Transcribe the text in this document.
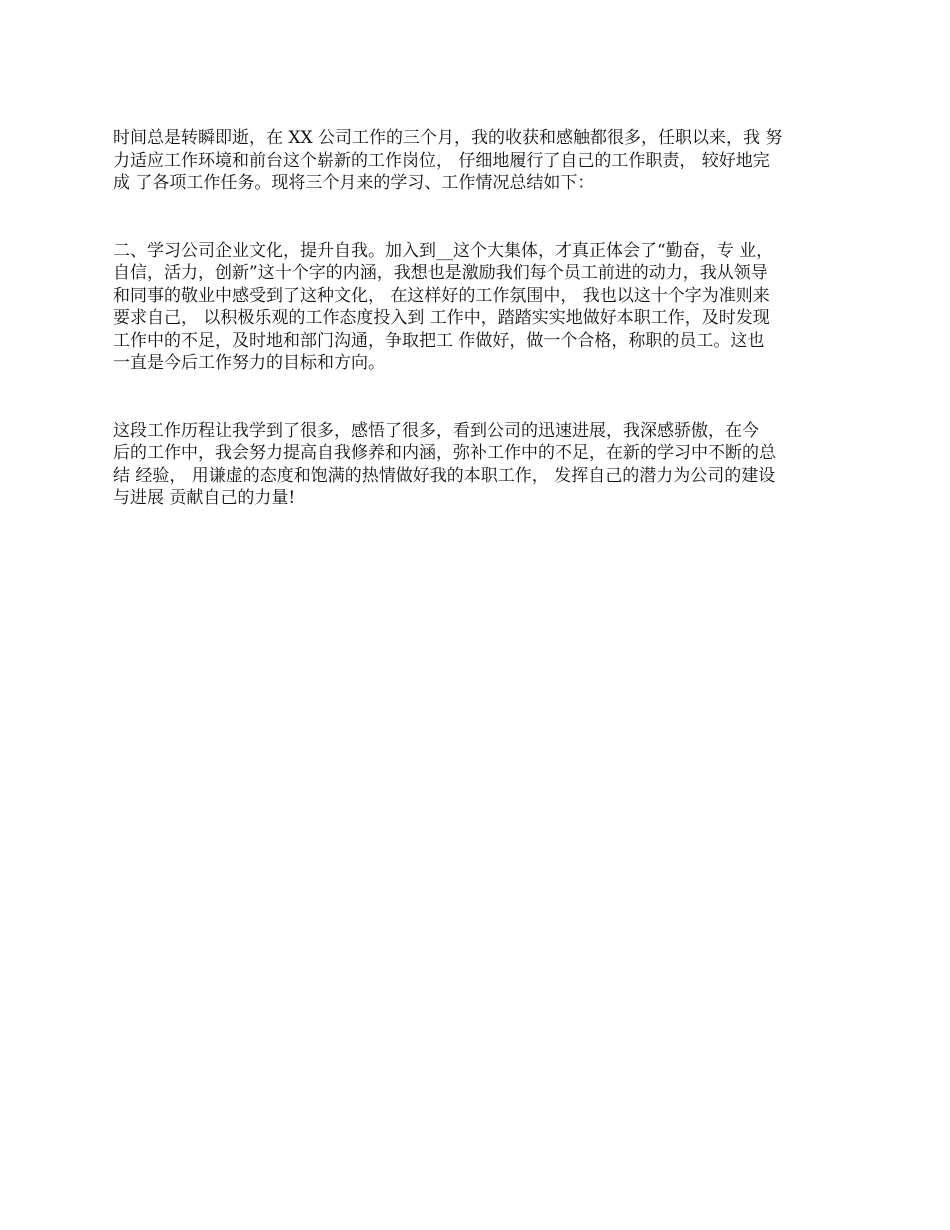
时间总是转瞬即逝，在 XX 公司工作的三个月，我的收获和感触都很多，任职以来，我 努
力适应工作环境和前台这个崭新的工作岗位， 仔细地履行了自己的工作职责， 较好地完
成 了各项工作任务。现将三个月来的学习、工作情况总结如下：

二、学习公司企业文化，提升自我。加入到__这个大集体，才真正体会了“勤奋，专 业，
自信，活力，创新”这十个字的内涵，我想也是激励我们每个员工前进的动力，我从领导
和同事的敬业中感受到了这种文化， 在这样好的工作氛围中， 我也以这十个字为准则来
要求自己， 以积极乐观的工作态度投入到 工作中，踏踏实实地做好本职工作，及时发现
工作中的不足，及时地和部门沟通，争取把工 作做好，做一个合格，称职的员工。这也
一直是今后工作努力的目标和方向。

这段工作历程让我学到了很多，感悟了很多，看到公司的迅速进展，我深感骄傲，在今
后的工作中，我会努力提高自我修养和内涵，弥补工作中的不足，在新的学习中不断的总
结 经验， 用谦虚的态度和饱满的热情做好我的本职工作， 发挥自己的潜力为公司的建设
与进展 贡献自己的力量!
